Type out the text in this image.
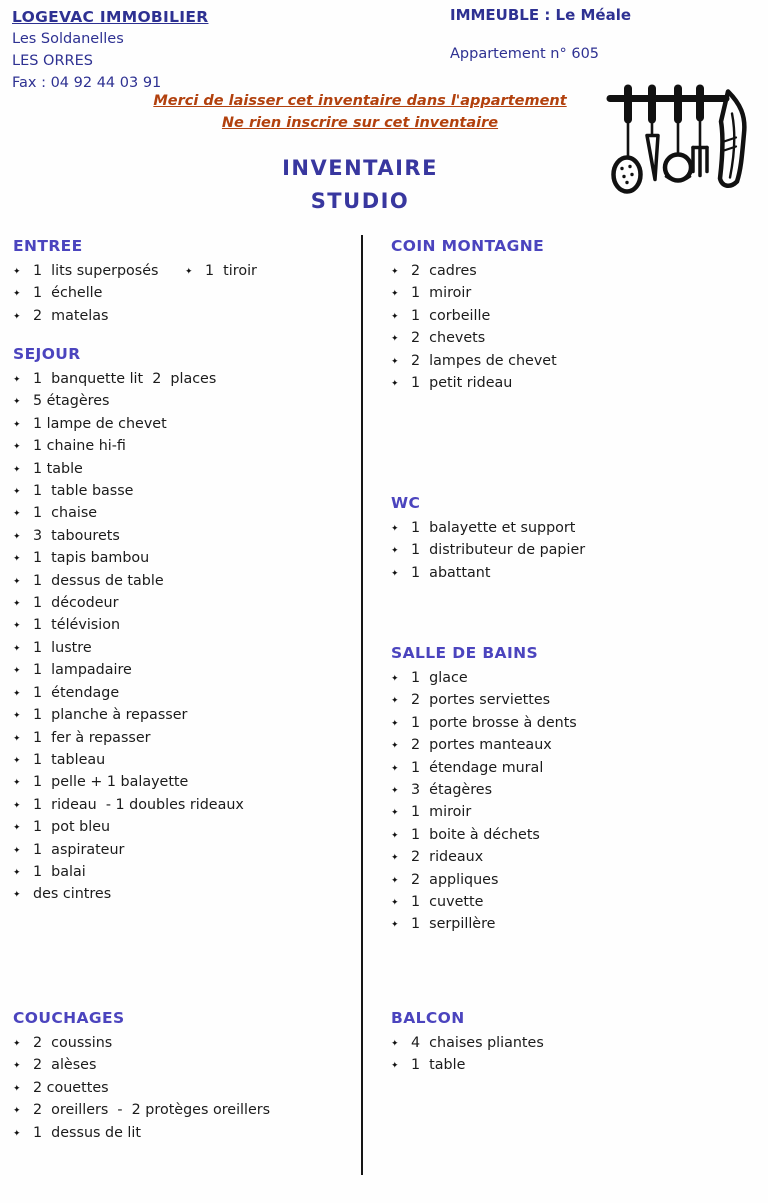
LOGEVAC IMMOBILIER
Les Soldanelles
LES ORRES
Fax : 04 92 44 03 91
IMMEUBLE : Le Méale
Appartement n° 605
Merci de laisser cet inventaire dans l'appartement
Ne rien inscrire sur cet inventaire
INVENTAIRE
STUDIO
ENTREE
✦ 1  lits superposés	✦ 1  tiroir
✦ 1  échelle
✦ 2  matelas
SEJOUR
✦ 1  banquette lit  2  places
✦ 5 étagères
✦ 1 lampe de chevet
✦ 1 chaine hi-fi
✦ 1 table
✦ 1  table basse
✦ 1  chaise
✦ 3  tabourets
✦ 1  tapis bambou
✦ 1  dessus de table
✦ 1  décodeur
✦ 1  télévision
✦ 1  lustre
✦ 1  lampadaire
✦ 1  étendage
✦ 1  planche à repasser
✦ 1  fer à repasser
✦ 1  tableau
✦ 1  pelle + 1 balayette
✦ 1  rideau  - 1 doubles rideaux
✦ 1  pot bleu
✦ 1  aspirateur
✦ 1  balai
✦ des cintres
COUCHAGES
✦ 2  coussins
✦ 2  alèses
✦ 2 couettes
✦ 2  oreillers  -  2 protèges oreillers
✦ 1  dessus de lit
COIN MONTAGNE
✦ 2  cadres
✦ 1  miroir
✦ 1  corbeille
✦ 2  chevets
✦ 2  lampes de chevet
✦ 1  petit rideau
WC
✦ 1  balayette et support
✦ 1  distributeur de papier
✦ 1  abattant
SALLE DE BAINS
✦ 1  glace
✦ 2  portes serviettes
✦ 1  porte brosse à dents
✦ 2  portes manteaux
✦ 1  étendage mural
✦ 3  étagères
✦ 1  miroir
✦ 1  boite à déchets
✦ 2  rideaux
✦ 2  appliques
✦ 1  cuvette
✦ 1  serpillère
BALCON
✦ 4  chaises pliantes
✦ 1  table
